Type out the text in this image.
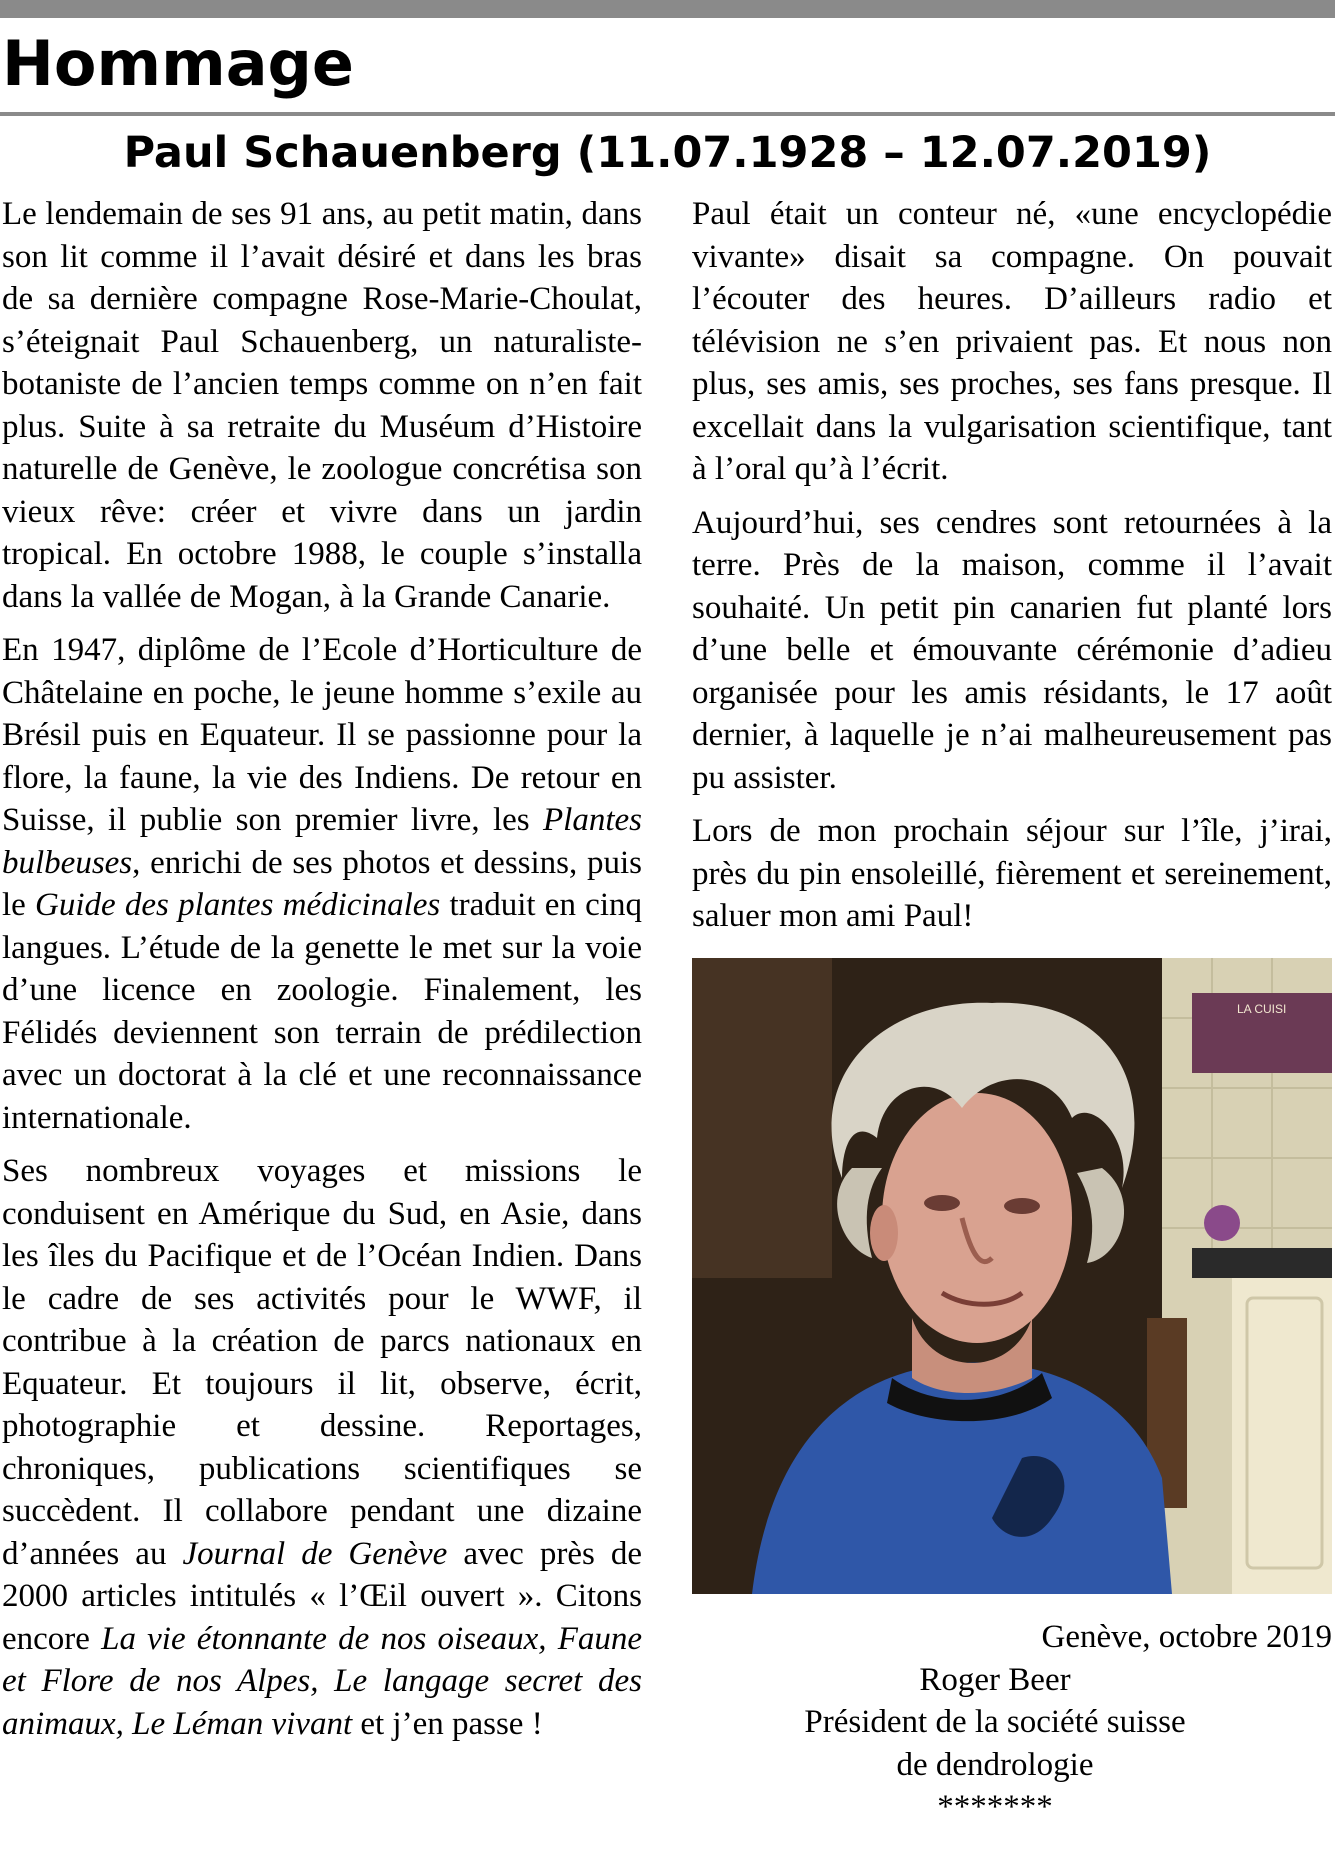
Hommage
Paul Schauenberg (11.07.1928 – 12.07.2019)

Le lendemain de ses 91 ans, au petit matin, dans son lit comme il l’avait désiré et dans les bras de sa dernière compagne Rose-Marie-Choulat, s’éteignait Paul Schauenberg, un naturaliste-botaniste de l’ancien temps comme on n’en fait plus. Suite à sa retraite du Muséum d’Histoire naturelle de Genève, le zoologue concrétisa son vieux rêve: créer et vivre dans un jardin tropical. En octobre 1988, le couple s’installa dans la vallée de Mogan, à la Grande Canarie.

En 1947, diplôme de l’Ecole d’Horticulture de Châtelaine en poche, le jeune homme s’exile au Brésil puis en Equateur. Il se passionne pour la flore, la faune, la vie des Indiens. De retour en Suisse, il publie son premier livre, les Plantes bulbeuses, enrichi de ses photos et dessins, puis le Guide des plantes médicinales traduit en cinq langues. L’étude de la genette le met sur la voie d’une licence en zoologie. Finalement, les Félidés deviennent son terrain de prédilection avec un doctorat à la clé et une reconnaissance internationale.

Ses nombreux voyages et missions le conduisent en Amérique du Sud, en Asie, dans les îles du Pacifique et de l’Océan Indien. Dans le cadre de ses activités pour le WWF, il contribue à la création de parcs nationaux en Equateur. Et toujours il lit, observe, écrit, photographie et dessine. Reportages, chroniques, publications scientifiques se succèdent. Il collabore pendant une dizaine d’années au Journal de Genève avec près de 2000 articles intitulés « l’Œil ouvert ». Citons encore La vie étonnante de nos oiseaux, Faune et Flore de nos Alpes, Le langage secret des animaux, Le Léman vivant et j’en passe !

Paul était un conteur né, «une encyclopédie vivante» disait sa compagne. On pouvait l’écouter des heures. D’ailleurs radio et télévision ne s’en privaient pas. Et nous non plus, ses amis, ses proches, ses fans presque. Il excellait dans la vulgarisation scientifique, tant à l’oral qu’à l’écrit.

Aujourd’hui, ses cendres sont retournées à la terre. Près de la maison, comme il l’avait souhaité. Un petit pin canarien fut planté lors d’une belle et émouvante cérémonie d’adieu organisée pour les amis résidants, le 17 août dernier, à laquelle je n’ai malheureusement pas pu assister.

Lors de mon prochain séjour sur l’île, j’irai, près du pin ensoleillé, fièrement et sereinement, saluer mon ami Paul!

LA CUISI

Genève, octobre 2019

Roger Beer

Président de la société suisse

de dendrologie

*******
